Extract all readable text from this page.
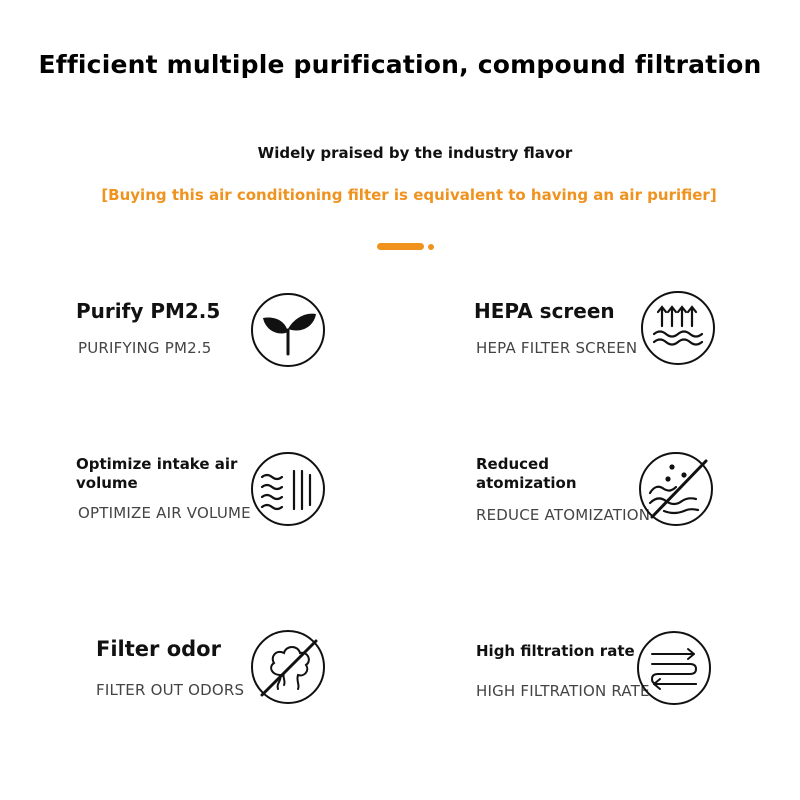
Efficient multiple purification, compound filtration
Widely praised by the industry flavor
[Buying this air conditioning filter is equivalent to having an air purifier]
Purify PM2.5
PURIFYING PM2.5
HEPA screen
HEPA FILTER SCREEN
Optimize intake air volume
OPTIMIZE AIR VOLUME
Reduced atomization
REDUCE ATOMIZATION
Filter odor
FILTER OUT ODORS
High filtration rate
HIGH FILTRATION RATE
